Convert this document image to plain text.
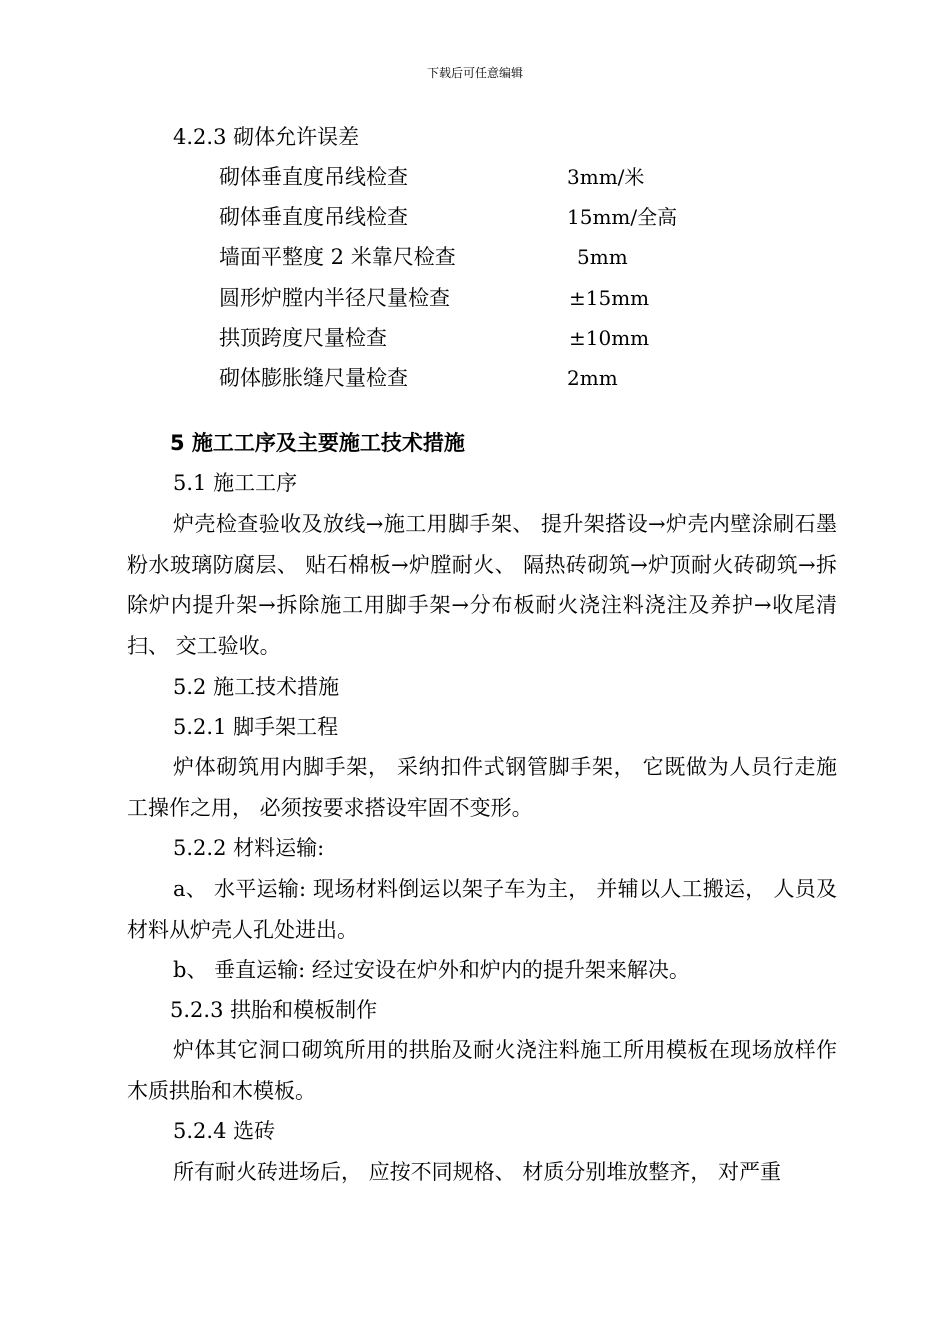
下载后可任意编辑
4.2.3 砌体允许误差
砌体垂直度吊线检查	3mm/米
砌体垂直度吊线检查	15mm/全高
墙面平整度 2 米靠尺检查	5mm
圆形炉膛内半径尺量检查	±15mm
拱顶跨度尺量检查	±10mm
砌体膨胀缝尺量检查	2mm
5 施工工序及主要施工技术措施
5.1 施工工序
炉壳检查验收及放线→施工用脚手架、 提升架搭设→炉壳内壁涂刷石墨粉水玻璃防腐层、 贴石棉板→炉膛耐火、 隔热砖砌筑→炉顶耐火砖砌筑→拆除炉内提升架→拆除施工用脚手架→分布板耐火浇注料浇注及养护→收尾清扫、 交工验收。
5.2 施工技术措施
5.2.1 脚手架工程
炉体砌筑用内脚手架， 采纳扣件式钢管脚手架， 它既做为人员行走施工操作之用， 必须按要求搭设牢固不变形。
5.2.2 材料运输:
a、 水平运输: 现场材料倒运以架子车为主， 并辅以人工搬运， 人员及材料从炉壳人孔处进出。
b、 垂直运输: 经过安设在炉外和炉内的提升架来解决。
5.2.3 拱胎和模板制作
炉体其它洞口砌筑所用的拱胎及耐火浇注料施工所用模板在现场放样作木质拱胎和木模板。
5.2.4 选砖
所有耐火砖进场后， 应按不同规格、 材质分别堆放整齐， 对严重
